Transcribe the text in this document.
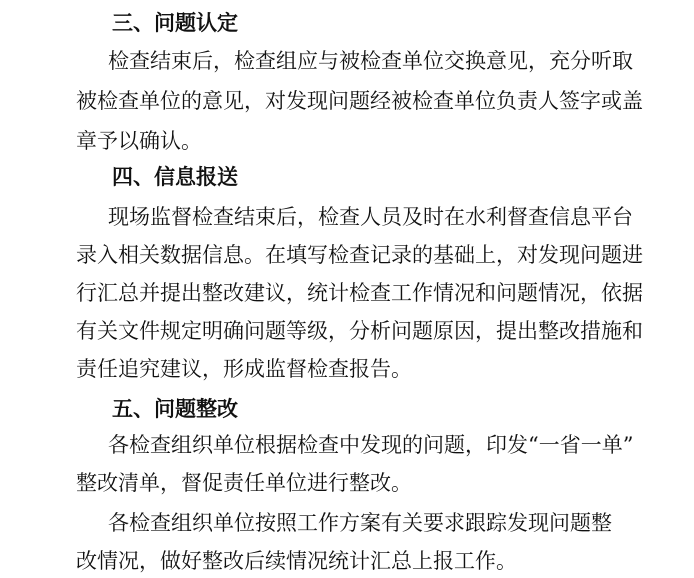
三、问题认定
检查结束后，检查组应与被检查单位交换意见，充分听取
被检查单位的意见，对发现问题经被检查单位负责人签字或盖
章予以确认。
四、信息报送
现场监督检查结束后，检查人员及时在水利督查信息平台
录入相关数据信息。在填写检查记录的基础上，对发现问题进
行汇总并提出整改建议，统计检查工作情况和问题情况，依据
有关文件规定明确问题等级，分析问题原因，提出整改措施和
责任追究建议，形成监督检查报告。
五、问题整改
各检查组织单位根据检查中发现的问题，印发“一省一单”
整改清单，督促责任单位进行整改。
各检查组织单位按照工作方案有关要求跟踪发现问题整
改情况，做好整改后续情况统计汇总上报工作。
